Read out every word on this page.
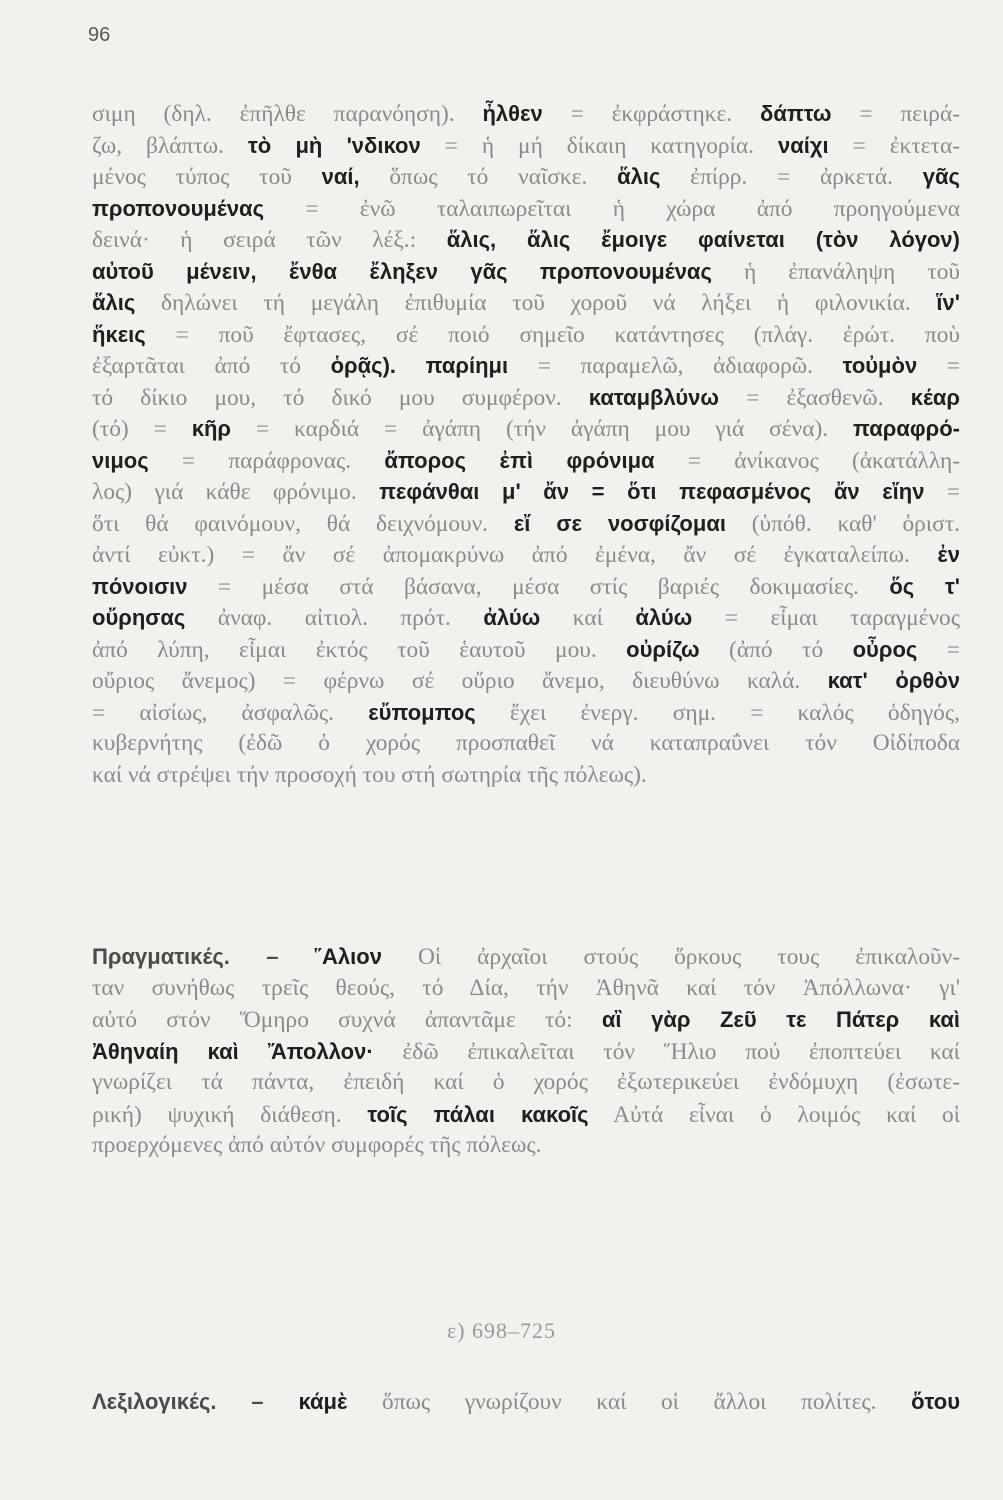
96
σιμη (δηλ. ἐπῆλθε παρανόηση). ἦλθεν = ἐκφράστηκε. δάπτω = πειρά-
ζω, βλάπτω. τὸ μὴ 'νδικον = ἡ μή δίκαιη κατηγορία. ναίχι = ἐκτετα-
μένος τύπος τοῦ ναί, ὅπως τό ναῖσκε. ἅλις ἐπίρρ. = ἀρκετά. γᾶς
προπονουμένας = ἐνῶ ταλαιπωρεῖται ἡ χώρα ἀπό προηγούμενα
δεινά· ἡ σειρά τῶν λέξ.: ἅλις, ἅλις ἔμοιγε φαίνεται (τὸν λόγον)
αὐτοῦ μένειν, ἔνθα ἔληξεν γᾶς προπονουμένας ἡ ἐπανάληψη τοῦ
ἅλις δηλώνει τή μεγάλη ἐπιθυμία τοῦ χοροῦ νά λήξει ἡ φιλονικία. ἵν'
ἥκεις = ποῦ ἔφτασες, σέ ποιό σημεῖο κατάντησες (πλάγ. ἐρώτ. ποὺ
ἐξαρτᾶται ἀπό τό ὁρᾷς). παρίημι = παραμελῶ, ἀδιαφορῶ. τοὐμὸν =
τό δίκιο μου, τό δικό μου συμφέρον. καταμβλύνω = ἐξασθενῶ. κέαρ
(τό) = κῆρ = καρδιά = ἀγάπη (τήν ἀγάπη μου γιά σένα). παραφρό-
νιμος = παράφρονας. ἄπορος ἐπὶ φρόνιμα = ἀνίκανος (ἀκατάλλη-
λος) γιά κάθε φρόνιμο. πεφάνθαι μ' ἄν = ὅτι πεφασμένος ἄν εἴην =
ὅτι θά φαινόμουν, θά δειχνόμουν. εἴ σε νοσφίζομαι (ὑπόθ. καθ' ὁριστ.
ἀντί εὐκτ.) = ἄν σέ ἀπομακρύνω ἀπό ἐμένα, ἄν σέ ἐγκαταλείπω. ἐν
πόνοισιν = μέσα στά βάσανα, μέσα στίς βαριές δοκιμασίες. ὅς τ'
οὔρησας ἀναφ. αἰτιολ. πρότ. ἀλύω καί ἀλύω = εἶμαι ταραγμένος
ἀπό λύπη, εἶμαι ἐκτός τοῦ ἑαυτοῦ μου. οὐρίζω (ἀπό τό οὖρος =
οὔριος ἄνεμος) = φέρνω σέ οὔριο ἄνεμο, διευθύνω καλά. κατ' ὀρθὸν
= αἰσίως, ἀσφαλῶς. εὔπομπος ἔχει ἐνεργ. σημ. = καλός ὁδηγός,
κυβερνήτης (ἐδῶ ὁ χορός προσπαθεῖ νά καταπραΰνει τόν Οἰδίποδα
καί νά στρέψει τήν προσοχή του στή σωτηρία τῆς πόλεως).
Πραγματικές. – ῞Αλιον Οἱ ἀρχαῖοι στούς ὅρκους τους ἐπικαλοῦν-
ταν συνήθως τρεῖς θεούς, τό Δία, τήν Ἀθηνᾶ καί τόν Ἀπόλλωνα· γι'
αὐτό στόν Ὅμηρο συχνά ἀπαντᾶμε τό: αἲ γὰρ Ζεῦ τε Πάτερ καὶ
Ἀθηναίη καὶ Ἄπολλον· ἐδῶ ἐπικαλεῖται τόν Ἥλιο πού ἐποπτεύει καί
γνωρίζει τά πάντα, ἐπειδή καί ὁ χορός ἐξωτερικεύει ἐνδόμυχη (ἐσωτε-
ρική) ψυχική διάθεση. τοῖς πάλαι κακοῖς Αὐτά εἶναι ὁ λοιμός καί οἱ
προερχόμενες ἀπό αὐτόν συμφορές τῆς πόλεως.
ε) 698–725
Λεξιλογικές. – κάμὲ ὅπως γνωρίζουν καί οἱ ἄλλοι πολίτες. ὅτου
